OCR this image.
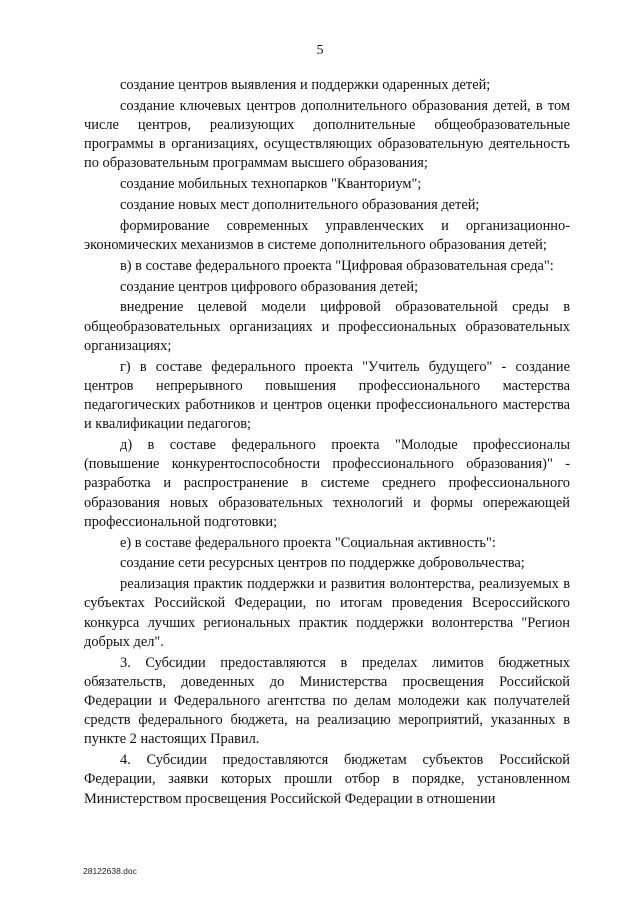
5

создание центров выявления и поддержки одаренных детей;

создание ключевых центров дополнительного образования детей, в том числе центров, реализующих дополнительные общеобразовательные программы в организациях, осуществляющих образовательную деятельность по образовательным программам высшего образования;

создание мобильных технопарков "Кванториум";

создание новых мест дополнительного образования детей;

формирование современных управленческих и организационно-экономических механизмов в системе дополнительного образования детей;

в) в составе федерального проекта "Цифровая образовательная среда":

создание центров цифрового образования детей;

внедрение целевой модели цифровой образовательной среды в общеобразовательных организациях и профессиональных образовательных организациях;

г) в составе федерального проекта "Учитель будущего" - создание центров непрерывного повышения профессионального мастерства педагогических работников и центров оценки профессионального мастерства и квалификации педагогов;

д) в составе федерального проекта "Молодые профессионалы (повышение конкурентоспособности профессионального образования)" - разработка и распространение в системе среднего профессионального образования новых образовательных технологий и формы опережающей профессиональной подготовки;

е) в составе федерального проекта "Социальная активность":

создание сети ресурсных центров по поддержке добровольчества;

реализация практик поддержки и развития волонтерства, реализуемых в субъектах Российской Федерации, по итогам проведения Всероссийского конкурса лучших региональных практик поддержки волонтерства "Регион добрых дел".

3. Субсидии предоставляются в пределах лимитов бюджетных обязательств, доведенных до Министерства просвещения Российской Федерации и Федерального агентства по делам молодежи как получателей средств федерального бюджета, на реализацию мероприятий, указанных в пункте 2 настоящих Правил.

4. Субсидии предоставляются бюджетам субъектов Российской Федерации, заявки которых прошли отбор в порядке, установленном Министерством просвещения Российской Федерации в отношении

28122638.doc
